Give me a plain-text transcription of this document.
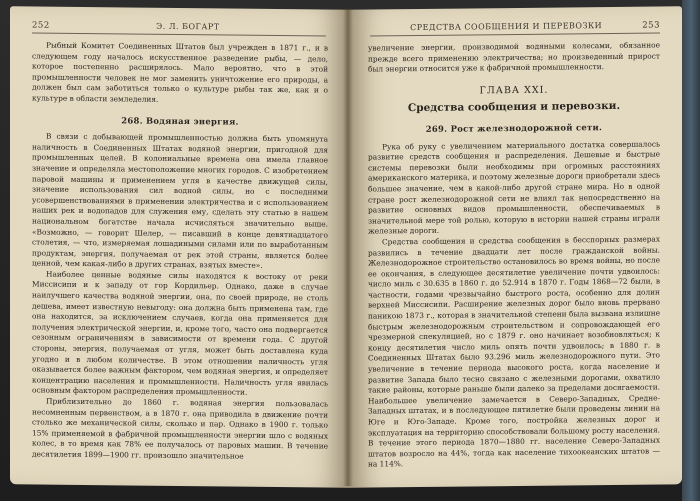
252	Э. Л. БОГАРТ

Рыбный Комитет Соединенных Штатов был учрежден в 1871 г., и в следующем году началось искусственное разведение рыбы, — дело, которое постепенно расширялось. Мало вероятно, что в этой промышленности человек не мог заменить уничтожение его природы, а должен был сам заботиться только о культуре рыбы так же, как и о культуре в области земледелия.

268. Водяная энергия.

В связи с добывающей промышленностью должна быть упомянута наличность в Соединенных Штатах водяной энергии, пригодной для промышленных целей. В колониальные времена она имела главное значение и определяла местоположение многих городов. С изобретением паровой машины и применением угля в качестве движущей силы, значение использования сил водной силы, но с последними усовершенствованиями в применении электричества и с использованием наших рек и водопадов для служения ему, сделать эту статью в нашем национальном богатстве начала исчисляться значительно выше. «Возможно, — говорит Шелер, — писавший в конце девятнадцатого столетия, — что, измеряемая лошадиными силами или по выработанным продуктам, энергия, получаемая от рек этой страны, является более ценной, чем какая-либо в других странах, взятых вместе».

Наиболее ценные водяные силы находятся к востоку от реки Миссисипи и к западу от гор Кордильер. Однако, даже в случае наилучшего качества водяной энергии, она, по своей природе, не столь дешева, имеет известную невыгоду: она должна быть применена там, где она находится, за исключением случаев, когда она применяется для получения электрической энергии, и, кроме того, часто она подвергается сезонным ограничениям в зависимости от времени года. С другой стороны, энергия, получаемая от угля, может быть доставлена куда угодно и в любом количестве. В этом отношении наличность угля оказывается более важным фактором, чем водяная энергия, и определяет концентрацию населения и промышленности. Наличность угля явилась основным фактором распределения промышленности.

Приблизительно до 1860 г. водяная энергия пользовалась несомненным первенством, а в 1870 г. она приводила в движение почти столько же механической силы, сколько и пар. Однако в 1900 г. только 15% применяемой в фабричной промышленности энергии шло с водяных колес, в то время как 78% ее получалось от паровых машин. В течение десятилетия 1899—1900 гг. произошло значительное

СРЕДСТВА СООБЩЕНИЯ И ПЕРЕВОЗКИ	253

увеличение энергии, производимой водяными колесами, обязанное прежде всего применению электричества; но произведенный прирост был энергии относится уже к фабричной промышленности.

ГЛАВА XXI.
Средства сообщения и перевозки.
269. Рост железнодорожной сети.

Рука об руку с увеличением материального достатка совершалось развитие средств сообщения и распределения. Дешевые и быстрые системы перевозки были необходимы при огромных расстояниях американского материка, и поэтому железные дороги приобретали здесь большее значение, чем в какой-либо другой стране мира. Но в одной стране рост железнодорожной сети не влиял так непосредственно на развитие основных видов промышленности, обеспечиваемых в значительной мере той ролью, которую в истории нашей страны играли железные дороги.

Средства сообщения и средства сообщения в бесспорных размерах развились в течение двадцати лет после гражданской войны. Железнодорожное строительство остановилось во время войны, но после ее окончания, в следующее десятилетие увеличение почти удвоилось: число миль с 30.635 в 1860 г. до 52.914 в 1870 г. Годы 1868—72 были, в частности, годами чрезвычайно быстрого роста, особенно для долин верхней Миссисипи. Расширение железных дорог было вновь прервано паникою 1873 г., которая в значительной степени была вызвана излишне быстрым железнодорожным строительством и сопровождающей его чрезмерной спекуляцией, но с 1879 г. оно начинает возобновляться; к концу десятилетия число миль опять почти удвоилось; в 1880 г. в Соединенных Штатах было 93.296 миль железнодорожного пути. Это увеличение в течение периода высокого роста, когда население и развитие Запада было тесно связано с железными дорогами, охватило такие районы, которые раньше были далеко за пределами досягаемости. Наибольшее увеличение замечается в Северо-Западных, Средне-Западных штатах, и в последующее пятилетие были проведены линии на Юге и Юго-Западе. Кроме того, постройка железных дорог и эксплуатация на территорию способствовали большому росту населения. В течение этого периода 1870—1880 гг. население Северо-Западных штатов возросло на 44%, тогда как население тихоокеанских штатов — на 114%.
